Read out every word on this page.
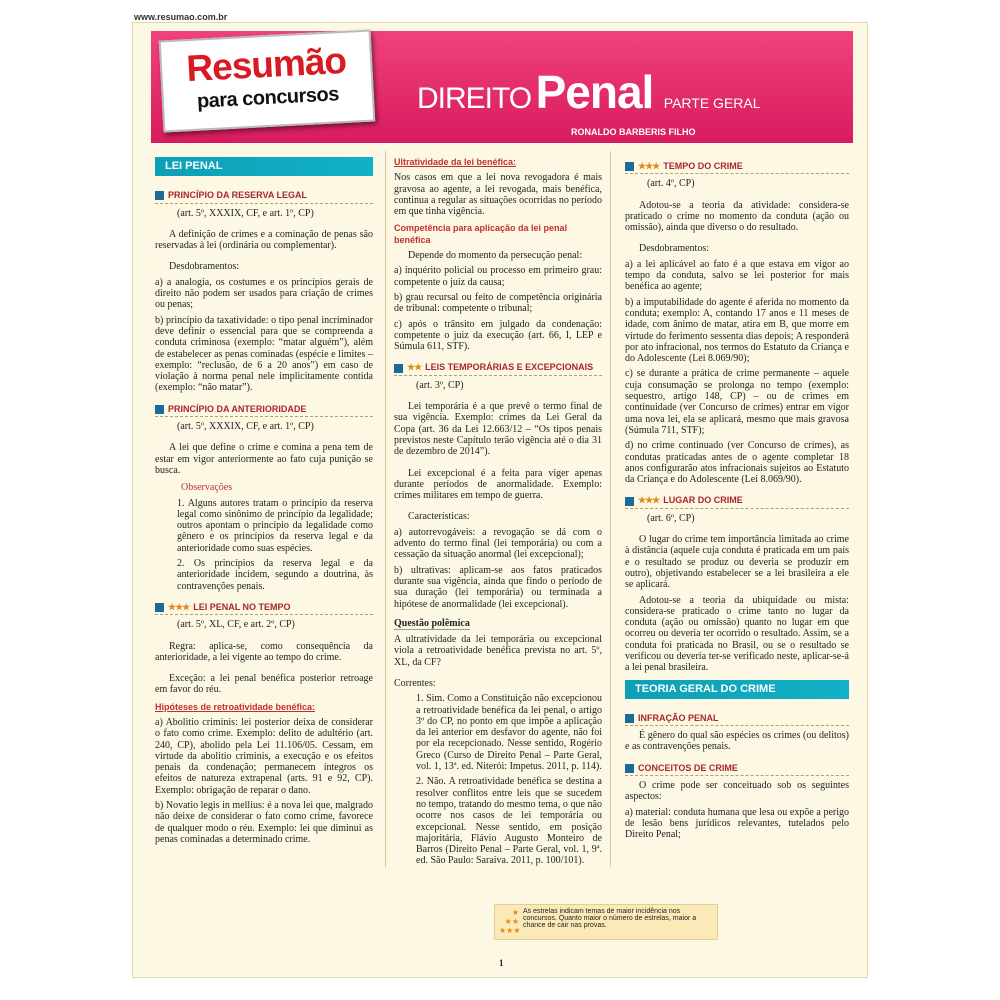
www.resumao.com.br
Resumão
para concursos	DIREITO Penal PARTE GERAL
RONALDO BARBERIS FILHO
LEI PENAL
PRINCÍPIO DA RESERVA LEGAL

(art. 5º, XXXIX, CF, e art. 1º, CP)

A definição de crimes e a cominação de penas são reservadas à lei (ordinária ou complementar).

Desdobramentos:

a) a analogia, os costumes e os princípios gerais de direito não podem ser usados para criação de crimes ou penas;

b) princípio da taxatividade: o tipo penal incriminador deve definir o essencial para que se compreenda a conduta criminosa (exemplo: “matar alguém”), além de estabelecer as penas cominadas (espécie e limites – exemplo: “reclusão, de 6 a 20 anos”) em caso de violação à norma penal nele implicitamente contida (exemplo: “não matar”).

PRINCÍPIO DA ANTERIORIDADE

(art. 5º, XXXIX, CF, e art. 1º, CP)

A lei que define o crime e comina a pena tem de estar em vigor anteriormente ao fato cuja punição se busca.

Observações

1. Alguns autores tratam o princípio da reserva legal como sinônimo de princípio da legalidade; outros apontam o princípio da legalidade como gênero e os princípios da reserva legal e da anterioridade como suas espécies.

2. Os princípios da reserva legal e da anterioridade incidem, segundo a doutrina, às contravenções penais.

★★★ LEI PENAL NO TEMPO

(art. 5º, XL, CF, e art. 2º, CP)

Regra: aplica-se, como consequência da anterioridade, a lei vigente ao tempo do crime.

Exceção: a lei penal benéfica posterior retroage em favor do réu.

Hipóteses de retroatividade benéfica:

a) Abolitio criminis: lei posterior deixa de considerar o fato como crime. Exemplo: delito de adultério (art. 240, CP), abolido pela Lei 11.106/05. Cessam, em virtude da abolitio criminis, a execução e os efeitos penais da condenação; permanecem íntegros os efeitos de natureza extrapenal (arts. 91 e 92, CP). Exemplo: obrigação de reparar o dano.

b) Novatio legis in mellius: é a nova lei que, malgrado não deixe de considerar o fato como crime, favorece de qualquer modo o réu. Exemplo: lei que diminui as penas cominadas a determinado crime.

Ultratividade da lei benéfica:

Nos casos em que a lei nova revogadora é mais gravosa ao agente, a lei revogada, mais benéfica, continua a regular as situações ocorridas no período em que tinha vigência.

Competência para aplicação da lei penal benéfica

Depende do momento da persecução penal:

a) inquérito policial ou processo em primeiro grau: competente o juiz da causa;

b) grau recursal ou feito de competência originária de tribunal: competente o tribunal;

c) após o trânsito em julgado da condenação: competente o juiz da execução (art. 66, I, LEP e Súmula 611, STF).

★★ LEIS TEMPORÁRIAS E EXCEPCIONAIS

(art. 3º, CP)

Lei temporária é a que prevê o termo final de sua vigência. Exemplo: crimes da Lei Geral da Copa (art. 36 da Lei 12.663/12 – “Os tipos penais previstos neste Capítulo terão vigência até o dia 31 de dezembro de 2014”).

Lei excepcional é a feita para viger apenas durante períodos de anormalidade. Exemplo: crimes militares em tempo de guerra.

Características:

a) autorrevogáveis: a revogação se dá com o advento do termo final (lei temporária) ou com a cessação da situação anormal (lei excepcional);

b) ultrativas: aplicam-se aos fatos praticados durante sua vigência, ainda que findo o período de sua duração (lei temporária) ou terminada a hipótese de anormalidade (lei excepcional).

Questão polêmica

A ultratividade da lei temporária ou excepcional viola a retroatividade benéfica prevista no art. 5º, XL, da CF?

Correntes:

1. Sim. Como a Constituição não excepcionou a retroatividade benéfica da lei penal, o artigo 3º do CP, no ponto em que impõe a aplicação da lei anterior em desfavor do agente, não foi por ela recepcionado. Nesse sentido, Rogério Greco (Curso de Direito Penal – Parte Geral, vol. 1, 13ª. ed. Niterói: Impetus. 2011, p. 114).

2. Não. A retroatividade benéfica se destina a resolver conflitos entre leis que se sucedem no tempo, tratando do mesmo tema, o que não ocorre nos casos de lei temporária ou excepcional. Nesse sentido, em posição majoritária, Flávio Augusto Monteiro de Barros (Direito Penal – Parte Geral, vol. 1, 9ª. ed. São Paulo: Saraiva. 2011, p. 100/101).

★★★ TEMPO DO CRIME

(art. 4º, CP)

Adotou-se a teoria da atividade: considera-se praticado o crime no momento da conduta (ação ou omissão), ainda que diverso o do resultado.

Desdobramentos:

a) a lei aplicável ao fato é a que estava em vigor ao tempo da conduta, salvo se lei posterior for mais benéfica ao agente;

b) a imputabilidade do agente é aferida no momento da conduta; exemplo: A, contando 17 anos e 11 meses de idade, com ânimo de matar, atira em B, que morre em virtude do ferimento sessenta dias depois; A responderá por ato infracional, nos termos do Estatuto da Criança e do Adolescente (Lei 8.069/90);

c) se durante a prática de crime permanente – aquele cuja consumação se prolonga no tempo (exemplo: sequestro, artigo 148, CP) – ou de crimes em continuidade (ver Concurso de crimes) entrar em vigor uma nova lei, ela se aplicará, mesmo que mais gravosa (Súmula 711, STF);

d) no crime continuado (ver Concurso de crimes), as condutas praticadas antes de o agente completar 18 anos configurarão atos infracionais sujeitos ao Estatuto da Criança e do Adolescente (Lei 8.069/90).

★★★ LUGAR DO CRIME

(art. 6º, CP)

O lugar do crime tem importância limitada ao crime à distância (aquele cuja conduta é praticada em um país e o resultado se produz ou deveria se produzir em outro), objetivando estabelecer se a lei brasileira a ele se aplicará.

Adotou-se a teoria da ubiquidade ou mista: considera-se praticado o crime tanto no lugar da conduta (ação ou omissão) quanto no lugar em que ocorreu ou deveria ter ocorrido o resultado. Assim, se a conduta foi praticada no Brasil, ou se o resultado se verificou ou deveria ter-se verificado neste, aplicar-se-á a lei penal brasileira.

TEORIA GERAL DO CRIME
INFRAÇÃO PENAL

É gênero do qual são espécies os crimes (ou delitos) e as contravenções penais.

CONCEITOS DE CRIME

O crime pode ser conceituado sob os seguintes aspectos:

a) material: conduta humana que lesa ou expõe a perigo de lesão bens jurídicos relevantes, tutelados pelo Direito Penal;

★
★★
★★★
As estrelas indicam temas de maior incidência nos concursos. Quanto maior o número de estrelas, maior a chance de cair nas provas.
1
